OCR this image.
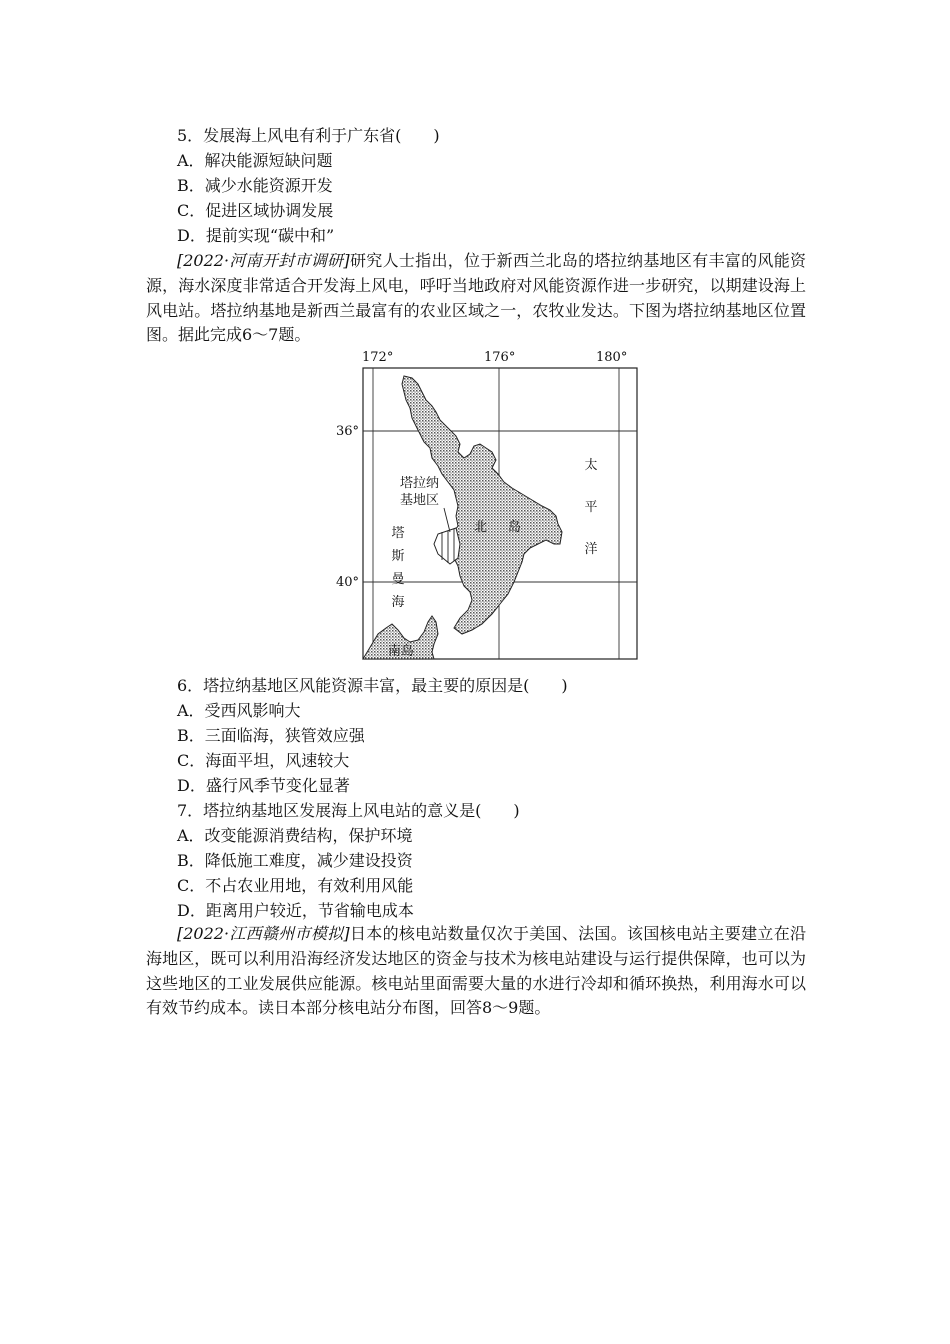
5．发展海上风电有利于广东省(　　)
A．解决能源短缺问题
B．减少水能资源开发
C．促进区域协调发展
D．提前实现“碳中和”
[2022·河南开封市调研]研究人士指出，位于新西兰北岛的塔拉纳基地区有丰富的风能资源，海水深度非常适合开发海上风电，呼吁当地政府对风能资源作进一步研究，以期建设海上风电站。塔拉纳基地是新西兰最富有的农业区域之一，农牧业发达。下图为塔拉纳基地区位置图。据此完成6～7题。
172°	176°	180°
36°
40°
塔拉纳
基地区
塔
斯
曼
海
太
平
洋
北 岛
南岛
6．塔拉纳基地区风能资源丰富，最主要的原因是(　　)
A．受西风影响大
B．三面临海，狭管效应强
C．海面平坦，风速较大
D．盛行风季节变化显著
7．塔拉纳基地区发展海上风电站的意义是(　　)
A．改变能源消费结构，保护环境
B．降低施工难度，减少建设投资
C．不占农业用地，有效利用风能
D．距离用户较近，节省输电成本
[2022·江西赣州市模拟]日本的核电站数量仅次于美国、法国。该国核电站主要建立在沿海地区，既可以利用沿海经济发达地区的资金与技术为核电站建设与运行提供保障，也可以为这些地区的工业发展供应能源。核电站里面需要大量的水进行冷却和循环换热，利用海水可以有效节约成本。读日本部分核电站分布图，回答8～9题。
